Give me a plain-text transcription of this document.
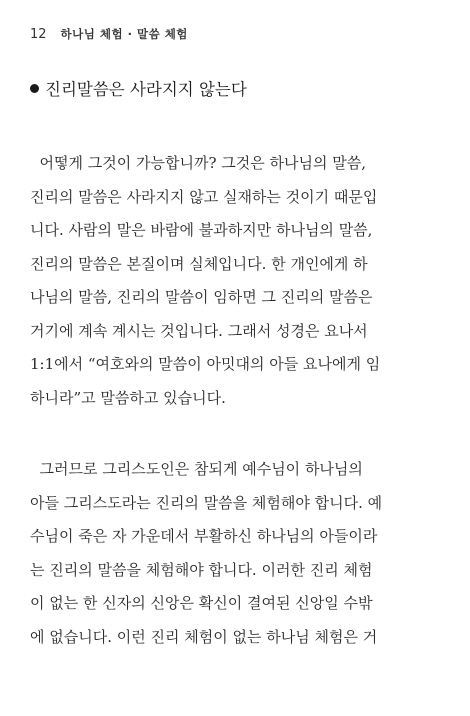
12 하나님 체험 · 말씀 체험
진리말씀은 사라지지 않는다
어떻게 그것이 가능합니까? 그것은 하나님의 말씀,
진리의 말씀은 사라지지 않고 실재하는 것이기 때문입
니다. 사람의 말은 바람에 불과하지만 하나님의 말씀,
진리의 말씀은 본질이며 실체입니다. 한 개인에게 하
나님의 말씀, 진리의 말씀이 임하면 그 진리의 말씀은
거기에 계속 계시는 것입니다. 그래서 성경은 요나서
1:1에서 “여호와의 말씀이 아밋대의 아들 요나에게 임
하니라”고 말씀하고 있습니다.
그러므로 그리스도인은 참되게 예수님이 하나님의
아들 그리스도라는 진리의 말씀을 체험해야 합니다. 예
수님이 죽은 자 가운데서 부활하신 하나님의 아들이라
는 진리의 말씀을 체험해야 합니다. 이러한 진리 체험
이 없는 한 신자의 신앙은 확신이 결여된 신앙일 수밖
에 없습니다. 이런 진리 체험이 없는 하나님 체험은 거
